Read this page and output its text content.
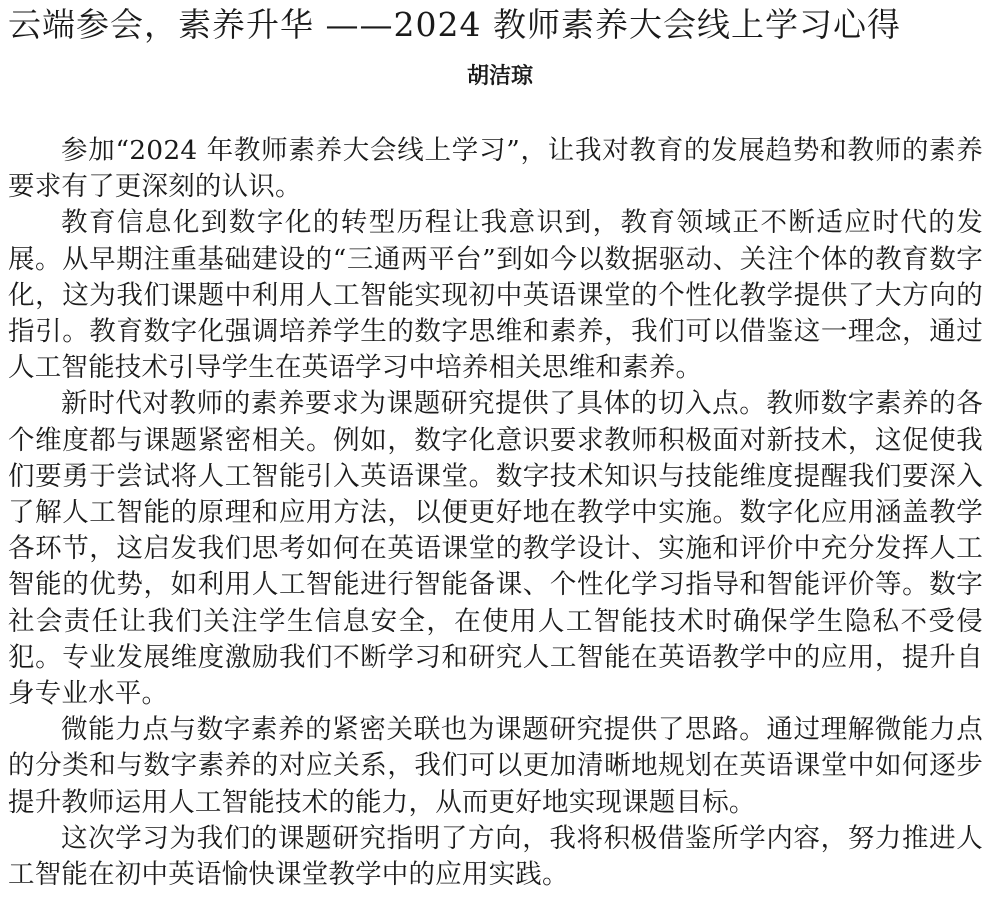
云端参会，素养升华 ——2024 教师素养大会线上学习心得
胡洁琼

参加“2024 年教师素养大会线上学习”，让我对教育的发展趋势和教师的素养要求有了更深刻的认识。

教育信息化到数字化的转型历程让我意识到，教育领域正不断适应时代的发展。从早期注重基础建设的“三通两平台”到如今以数据驱动、关注个体的教育数字化，这为我们课题中利用人工智能实现初中英语课堂的个性化教学提供了大方向的指引。教育数字化强调培养学生的数字思维和素养，我们可以借鉴这一理念，通过人工智能技术引导学生在英语学习中培养相关思维和素养。

新时代对教师的素养要求为课题研究提供了具体的切入点。教师数字素养的各个维度都与课题紧密相关。例如，数字化意识要求教师积极面对新技术，这促使我们要勇于尝试将人工智能引入英语课堂。数字技术知识与技能维度提醒我们要深入了解人工智能的原理和应用方法，以便更好地在教学中实施。数字化应用涵盖教学各环节，这启发我们思考如何在英语课堂的教学设计、实施和评价中充分发挥人工智能的优势，如利用人工智能进行智能备课、个性化学习指导和智能评价等。数字社会责任让我们关注学生信息安全，在使用人工智能技术时确保学生隐私不受侵犯。专业发展维度激励我们不断学习和研究人工智能在英语教学中的应用，提升自身专业水平。

微能力点与数字素养的紧密关联也为课题研究提供了思路。通过理解微能力点的分类和与数字素养的对应关系，我们可以更加清晰地规划在英语课堂中如何逐步提升教师运用人工智能技术的能力，从而更好地实现课题目标。

这次学习为我们的课题研究指明了方向，我将积极借鉴所学内容，努力推进人工智能在初中英语愉快课堂教学中的应用实践。
